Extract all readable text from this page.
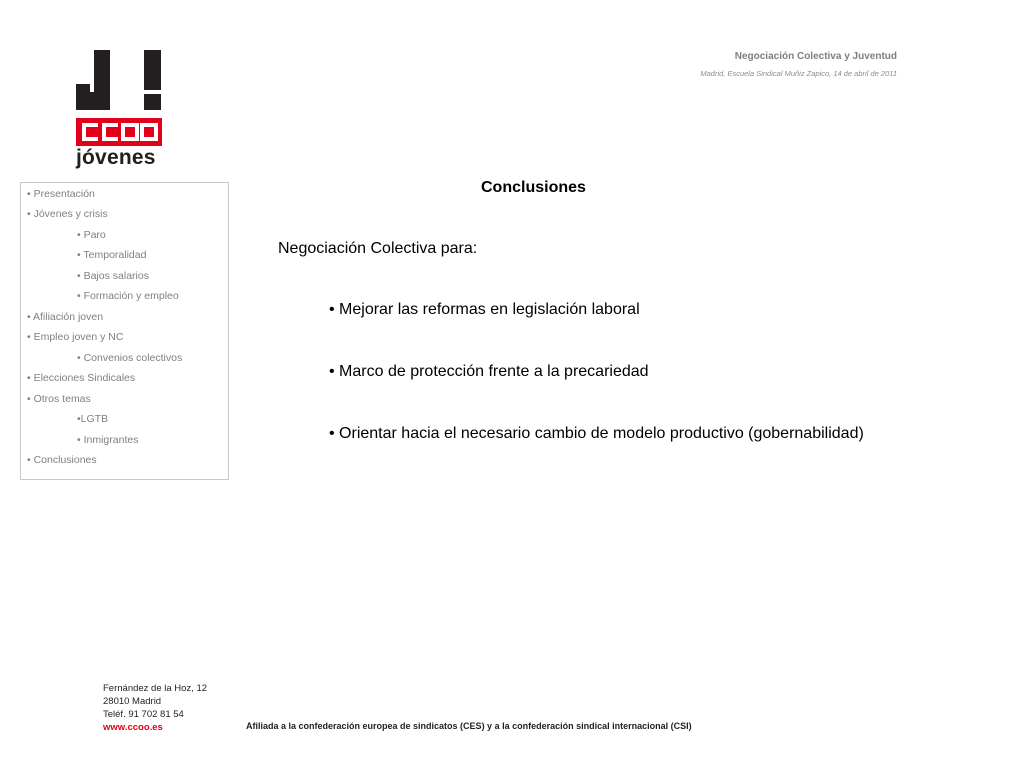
jóvenes
Negociación Colectiva y Juventud
Madrid, Escuela Sindical Muñiz Zapico, 14 de abril de 2011
• Presentación
• Jóvenes y crisis
• Paro
• Temporalidad
• Bajos salarios
• Formación y empleo
• Afiliación joven
• Empleo joven y NC
• Convenios colectivos
• Elecciones Sindicales
• Otros temas
•LGTB
• Inmigrantes
• Conclusiones
Conclusiones
Negociación Colectiva para:
• Mejorar las reformas en legislación laboral
• Marco de protección frente a la precariedad
• Orientar hacia el necesario cambio de modelo productivo (gobernabilidad)
Fernández de la Hoz, 12
28010 Madrid
Teléf. 91 702 81 54
www.ccoo.es	Afiliada a la confederación europea de sindicatos (CES) y a la confederación sindical internacional (CSI)
